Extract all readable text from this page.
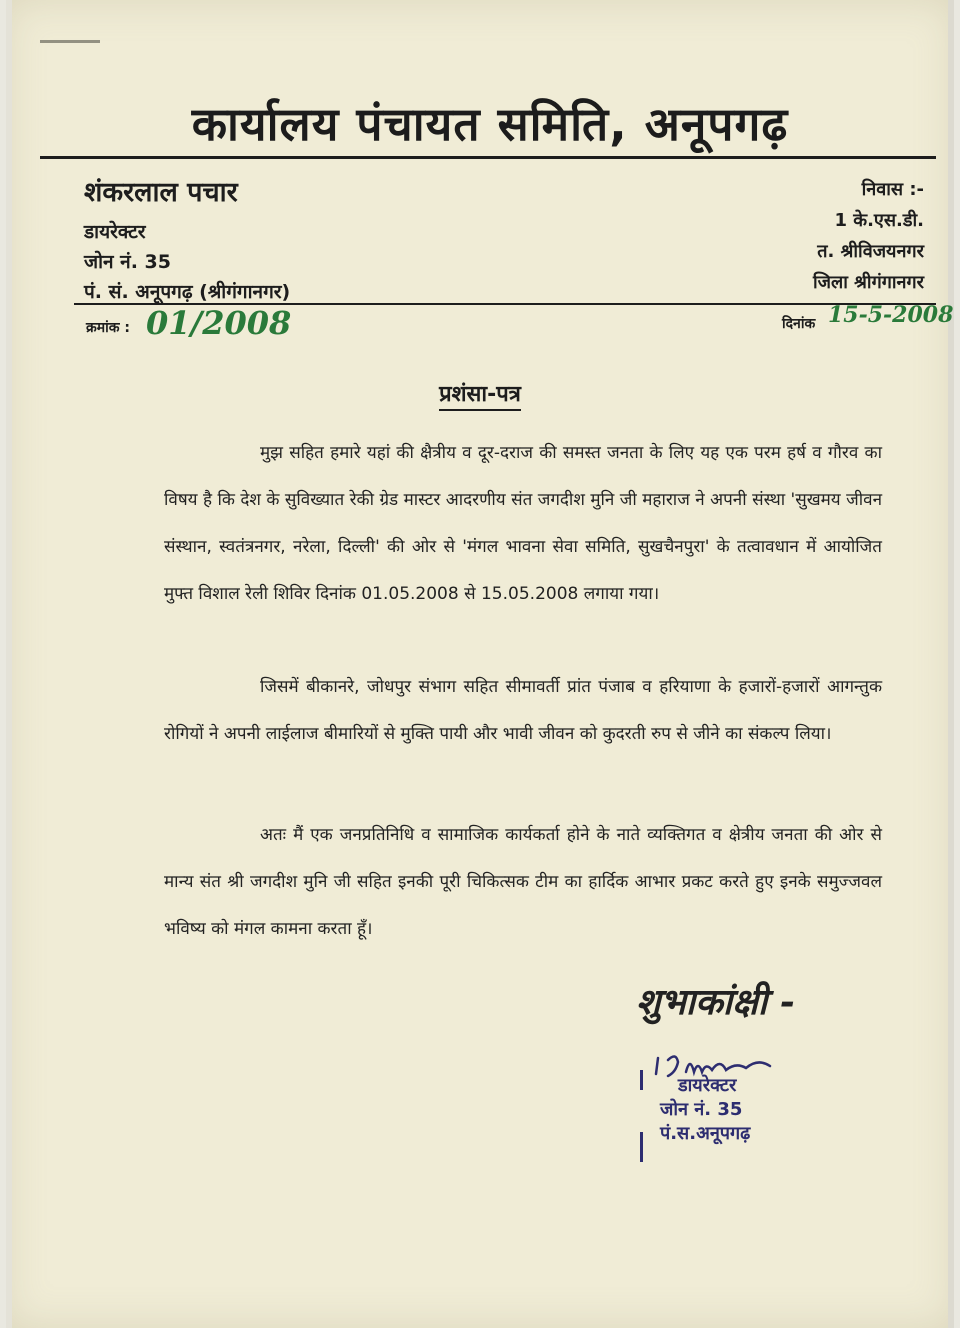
कार्यालय पंचायत समिति, अनूपगढ़
शंकरलाल पचार
डायरेक्टर
जोन नं. 35
पं. सं. अनूपगढ़ (श्रीगंगानगर)
निवास :-
1 के.एस.डी.
त. श्रीविजयनगर
जिला श्रीगंगानगर
क्रमांक : 01/2008	दिनांक 15-5-2008
प्रशंसा-पत्र

मुझ सहित हमारे यहां की क्षैत्रीय व दूर-दराज की समस्त जनता के लिए यह एक परम हर्ष व गौरव का विषय है कि देश के सुविख्यात रेकी ग्रेड मास्टर आदरणीय संत जगदीश मुनि जी महाराज ने अपनी संस्था 'सुखमय जीवन संस्थान, स्वतंत्रनगर, नरेला, दिल्ली' की ओर से 'मंगल भावना सेवा समिति, सुखचैनपुरा' के तत्वावधान में आयोजित मुफ्त विशाल रेली शिविर दिनांक 01.05.2008 से 15.05.2008 लगाया गया।

जिसमें बीकानरे, जोधपुर संभाग सहित सीमावर्ती प्रांत पंजाब व हरियाणा के हजारों-हजारों आगन्तुक रोगियों ने अपनी लाईलाज बीमारियों से मुक्ति पायी और भावी जीवन को कुदरती रुप से जीने का संकल्प लिया।

अतः मैं एक जनप्रतिनिधि व सामाजिक कार्यकर्ता होने के नाते व्यक्तिगत व क्षेत्रीय जनता की ओर से मान्य संत श्री जगदीश मुनि जी सहित इनकी पूरी चिकित्सक टीम का हार्दिक आभार प्रकट करते हुए इनके समुज्जवल भविष्य को मंगल कामना करता हूँ।

शुभाकांक्षी -
डायरेक्टर
जोन नं. 35
पं.स.अनूपगढ़
